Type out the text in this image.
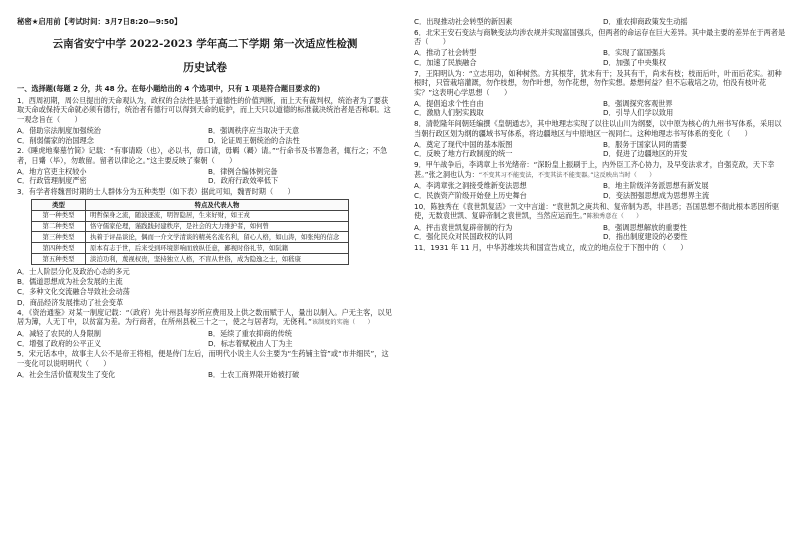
秘密★启用前【考试时间：3月7日8:20—9:50】
云南省安宁中学 2022-2023 学年高二下学期 第一次适应性检测
历史试卷
一、选择题(每题 2 分，共 48 分。在每小题给出的 4 个选项中，只有 1 项是符合题目要求的)
1．西周初期，周公旦提出的天命观认为，政权的合法性是基于道德性的价值判断，而上天有裁判权，统治者为了要获取天命或保持天命就必须有德行，统治者有德行可以得到天命的庇护，而上天只以道德的标准裁决统治者是否称职。这一观念旨在（　　）
A．借助宗法制度加强统治	B．强调秩序应当取决于天意
C．削弱儒家的治国理念	D．论证周王朝统治的合法性
2.《睡虎地秦墓竹简》记载：“有事请殴（也），必以书，毋口请，毋羁（羇）请。”“行命书及书署急者，辄行之；不急者，日觱（毕），勿敢留。留者以律论之。”这主要反映了秦朝（　　）
A．地方官吏主权较小	B．律例合编体例完备
C．行政管理制度严密	D．政府行政效率低下
3．有学者将魏晋时期的士人群体分为五种类型（如下表）据此可知，魏晋时期（　　）
类型	特点及代表人物
第一种类型	明哲保身之流，随波逐流，明智隐居，生来好财，如王戎
第二种类型	恪守儒家伦理，谨践践封建秩序，是社会的大力维护者，如何曾
第三种类型	执着于评品谈论，偶而一介文学清谈的精英名流名利，留心人格，如山涛，如张纯的信念
第四种类型	原本有志于世，后来受到环境影响而放纵任意，鄙视时俗礼节，如阮籍
第五种类型	淡泊功利，蔑视权贵，坚持独立人格，不盲从世俗，成为隐逸之士，如嵇康
A．士人阶层分化及政治心态的多元
B．儒道思想成为社会发展的主流
C．多种文化交流融合导致社会动荡
D．商品经济发展推动了社会变革
4．《资治通鉴》对某一制度记载：“（政府）先计州县每岁所应费用及上供之数而赋于人，量出以制入。户无主客，以见居为簿，人无丁中，以贫富为差。为行商者，在所州县税三十之一，使之与居者均，无侥利。”该制度的实施（　　）
A．减轻了农民的人身限制	B．延续了重农抑商的传统
C．增强了政府的公平正义	D．标志着赋税由人丁为主
5．宋元话本中，故事主人公不是帝王将相，便是侍门左后，而明代小说主人公主要为“生药铺主管”或“市井细民”，这一变化可以说明明代（　　）
A．社会生活价值观发生了变化	B．士农工商界限开始被打破
C．出现推动社会转型的新因素	D．重农抑商政策发生动摇
6．北宋王安石变法与商鞅变法均涉农规并实现富国强兵，但两者的命运存在巨大差异。其中最主要的差异在于两者是否（　　）
A．推动了社会转型	B．实现了富国强兵
C．加速了民族融合	D．加强了中央集权
7．王阳明认为：“立志用功，如种树然。方其根芽，犹未有干；及其有干，尚未有枝；枝而后叶，叶而后花实。初种根时，只管栽培灌溉，勿作枝想，勿作叶想，勿作花想，勿作实想。悬想何益？但不忘栽培之功，怕没有枝叶花实？”这表明心学思想（　　）
A．提倡追求个性自由	B．强调探究客观世界
C．激励人们躬实践取	D．引导人们学以致用
8．清乾隆年间朝廷编撰《皇朝通志》，其中地理志实现了以往以山川为纲要，以中原为核心的九州书写体系，采用以当朝行政区划为纲的疆域书写体系，将边疆地区与中原地区一视同仁。这种地理志书写体系的变化（　　）
A．奠定了现代中国的基本版图	B．服务于国家认同的需要
C．反映了地方行政制度的统一	D．促进了边疆地区的开发
9．甲午战争后，李鸿章上书光绪帝：“深盼皇上振刷于上，内外臣工齐心协力，及早变法求才，自强克敌，天下幸甚。”张之洞也认为：“不变其习不能变法，不变其法不能变器。”这反映出当时（　　）
A．李鸿章张之洞接受维新变法思想	B．地主阶级洋务派思想有新发展
C．民族资产阶级开始登上历史舞台	D．变法图强思想成为思想界主流
10．陈独秀在《袁世凯复活》一文中言道：“袁世凯之庚共和、复帝制为恶，非昌恶；吾国思想不彻此根本恶因所驱使，无数袁世凯、复辟帝制之袁世凯，当然应运而生。”陈独秀意在（　　）
A．抨击袁世凯复辟帝制的行为	B．强调思想解放的重要性
C．强化民众对民国政权的认同	D．指出制度建设的必要性
11．1931 年 11 月，中华苏维埃共和国宣告成立，成立的地点位于下图中的（　　）
